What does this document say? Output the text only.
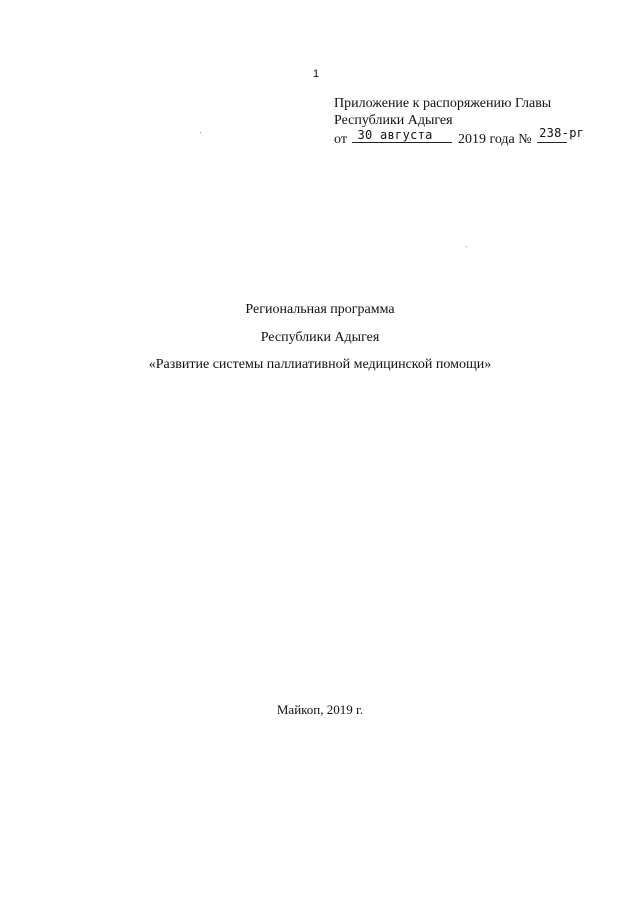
1
Приложение к распоряжению Главы
Республики Адыгея
от 30 августа 2019 года № 238-рг
Региональная программа
Республики Адыгея
«Развитие системы паллиативной медицинской помощи»
Майкоп, 2019 г.
